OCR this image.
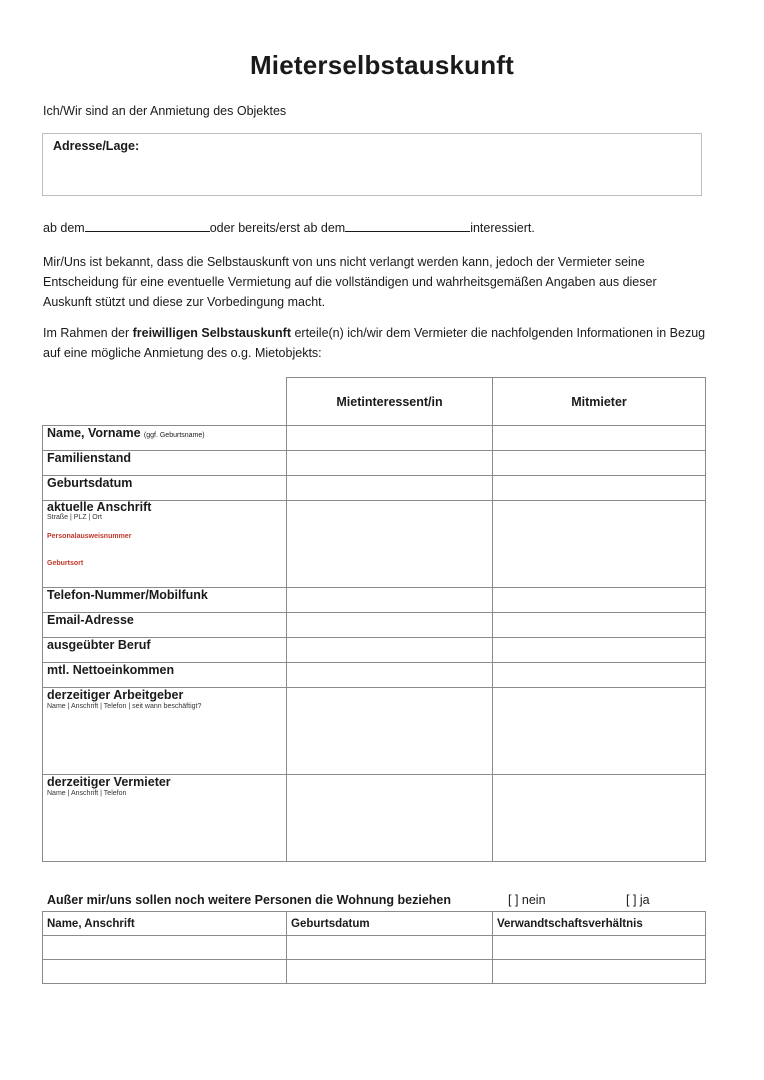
Mieterselbstauskunft
Ich/Wir sind an der Anmietung des Objektes
Adresse/Lage:
ab dem	oder bereits/erst ab dem	interessiert.
Mir/Uns ist bekannt, dass die Selbstauskunft von uns nicht verlangt werden kann, jedoch der Vermieter seine Entscheidung für eine eventuelle Vermietung auf die vollständigen und wahrheitsgemäßen Angaben aus dieser Auskunft stützt und diese zur Vorbedingung macht.
Im Rahmen der freiwilligen Selbstauskunft erteile(n) ich/wir dem Vermieter die nachfolgenden Informationen in Bezug auf eine mögliche Anmietung des o.g. Mietobjekts:
	Mietinteressent/in	Mitmieter
Name, Vorname (ggf. Geburtsname)		
Familienstand		
Geburtsdatum		
aktuelle Anschrift
Straße | PLZ | Ort
Personalausweisnummer
Geburtsort		

Telefon-Nummer/Mobilfunk		
Email-Adresse		
ausgeübter Beruf		
mtl. Nettoeinkommen		
derzeitiger Arbeitgeber
Name | Anschrift | Telefon | seit wann beschäftigt?		

derzeitiger Vermieter
Name | Anschrift | Telefon		

Außer mir/uns sollen noch weitere Personen die Wohnung beziehen	[ ] nein	[ ] ja
Name, Anschrift	Geburtsdatum	Verwandtschaftsverhältnis
